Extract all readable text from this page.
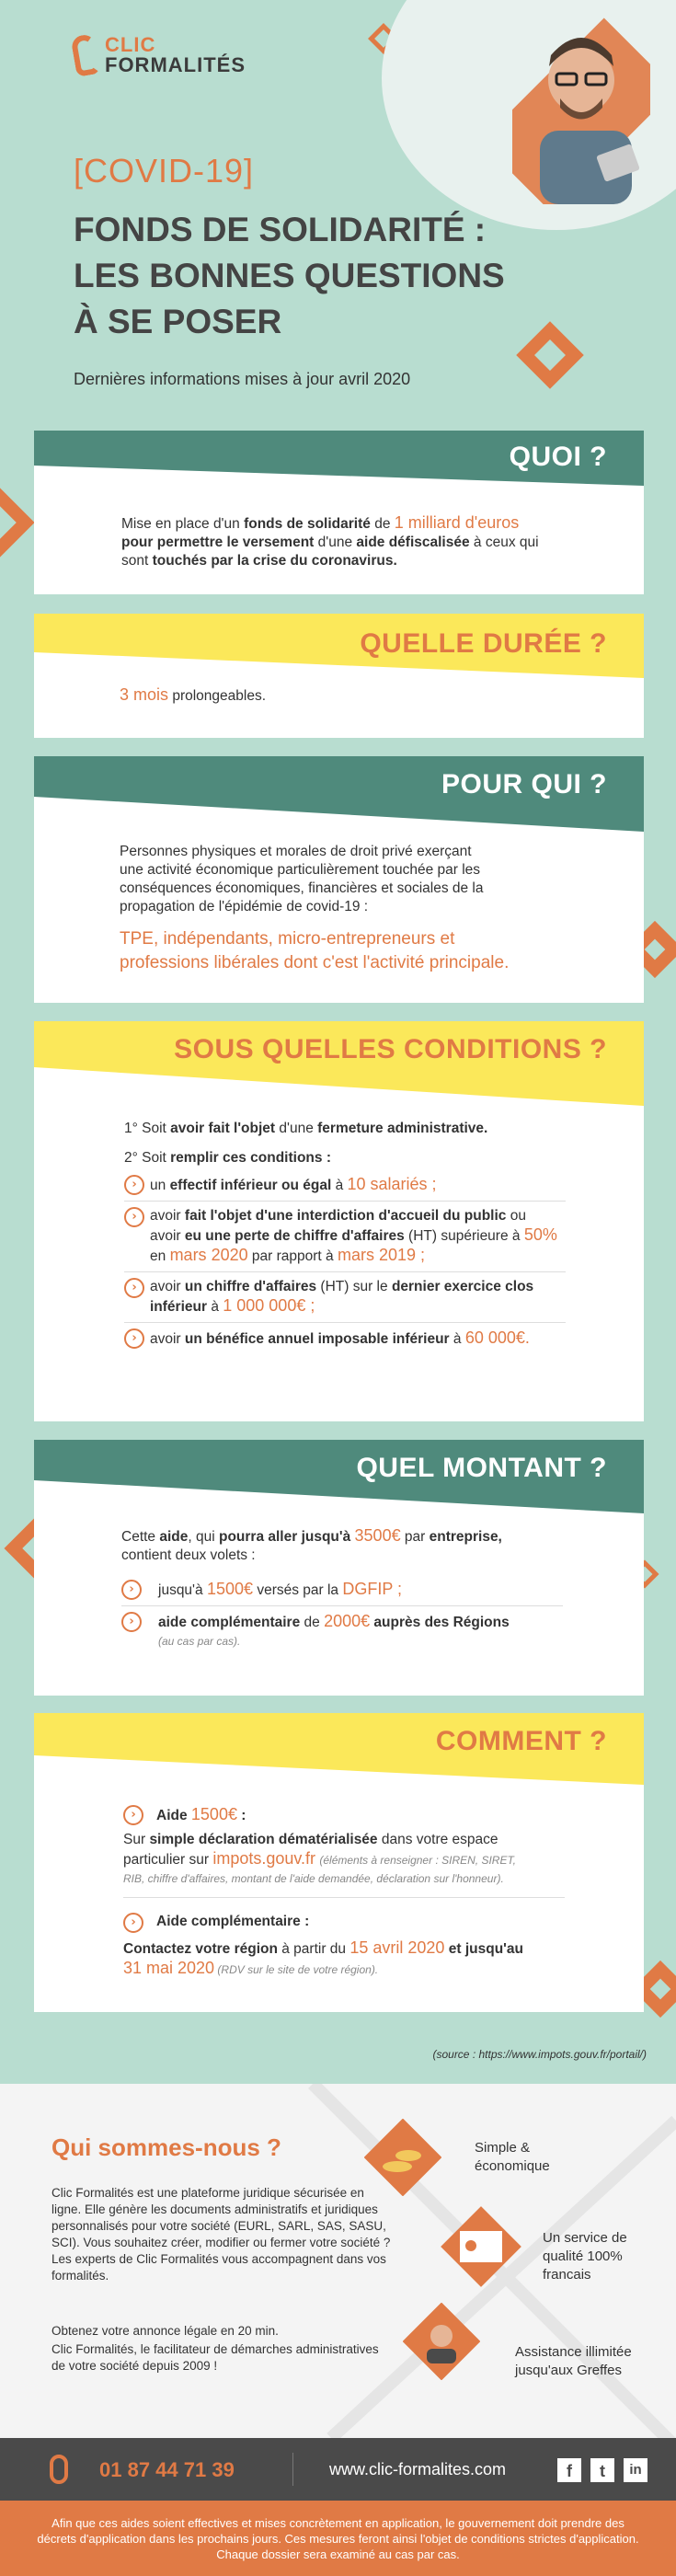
CLIC
FORMALITÉS
[COVID-19]
FONDS DE SOLIDARITÉ :
LES BONNES QUESTIONS
À SE POSER
Dernières informations mises à jour avril 2020
QUOI ?
Mise en place d'un fonds de solidarité de 1 milliard d'euros
pour permettre le versement d'une aide défiscalisée à ceux qui
sont touchés par la crise du coronavirus.
QUELLE DURÉE ?
3 mois prolongeables.
POUR QUI ?
Personnes physiques et morales de droit privé exerçant
une activité économique particulièrement touchée par les
conséquences économiques, financières et sociales de la
propagation de l'épidémie de covid-19 :
TPE, indépendants, micro-entrepreneurs et
professions libérales dont c'est l'activité principale.
SOUS QUELLES CONDITIONS ?
1° Soit avoir fait l'objet d'une fermeture administrative.
2° Soit remplir ces conditions :
› un effectif inférieur ou égal à 10 salariés ;
› avoir fait l'objet d'une interdiction d'accueil du public ou
avoir eu une perte de chiffre d'affaires (HT) supérieure à 50%
en mars 2020 par rapport à mars 2019 ;
› avoir un chiffre d'affaires (HT) sur le dernier exercice clos
inférieur à 1 000 000€ ;
› avoir un bénéfice annuel imposable inférieur à 60 000€.
QUEL MONTANT ?
Cette aide, qui pourra aller jusqu'à 3500€ par entreprise,
contient deux volets :
›	jusqu'à 1500€ versés par la DGFIP ;
›	aide complémentaire de 2000€ auprès des Régions
(au cas par cas).
COMMENT ?
›	Aide 1500€ :
Sur simple déclaration dématérialisée dans votre espace
particulier sur impots.gouv.fr (éléments à renseigner : SIREN, SIRET,
RIB, chiffre d'affaires, montant de l'aide demandée, déclaration sur l'honneur).
›	Aide complémentaire :
Contactez votre région à partir du 15 avril 2020 et jusqu'au
31 mai 2020 (RDV sur le site de votre région).
(source : https://www.impots.gouv.fr/portail/)
Qui sommes-nous ?
Clic Formalités est une plateforme juridique sécurisée en ligne. Elle génère les documents administratifs et juridiques personnalisés pour votre société (EURL, SARL, SAS, SASU, SCI). Vous souhaitez créer, modifier ou fermer votre société ? Les experts de Clic Formalités vous accompagnent dans vos formalités.
Obtenez votre annonce légale en 20 min.
Clic Formalités, le facilitateur de démarches administratives de votre société depuis 2009 !
Simple &
économique
Un service de
qualité 100%
francais
Assistance illimitée
jusqu'aux Greffes
01 87 44 71 39	www.clic-formalites.com	f	t	in
Afin que ces aides soient effectives et mises concrètement en application, le gouvernement doit prendre des décrets d'application dans les prochains jours. Ces mesures feront ainsi l'objet de conditions strictes d'application. Chaque dossier sera examiné au cas par cas.
